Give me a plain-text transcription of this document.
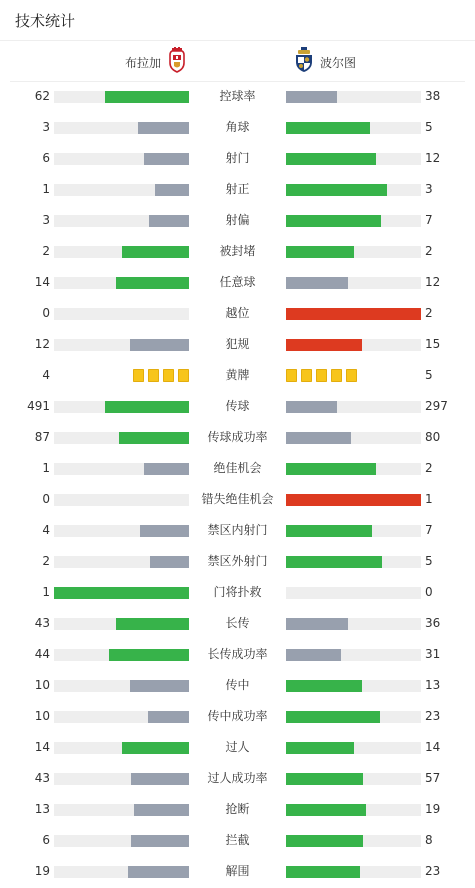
技术统计
布拉加	波尔图
62	控球率	38
3	角球	5
6	射门	12
1	射正	3
3	射偏	7
2	被封堵	2
14	任意球	12
0	越位	2
12	犯规	15
4	黄牌	5
491	传球	297
87	传球成功率	80
1	绝佳机会	2
0	错失绝佳机会	1
4	禁区内射门	7
2	禁区外射门	5
1	门将扑救	0
43	长传	36
44	长传成功率	31
10	传中	13
10	传中成功率	23
14	过人	14
43	过人成功率	57
13	抢断	19
6	拦截	8
19	解围	23
